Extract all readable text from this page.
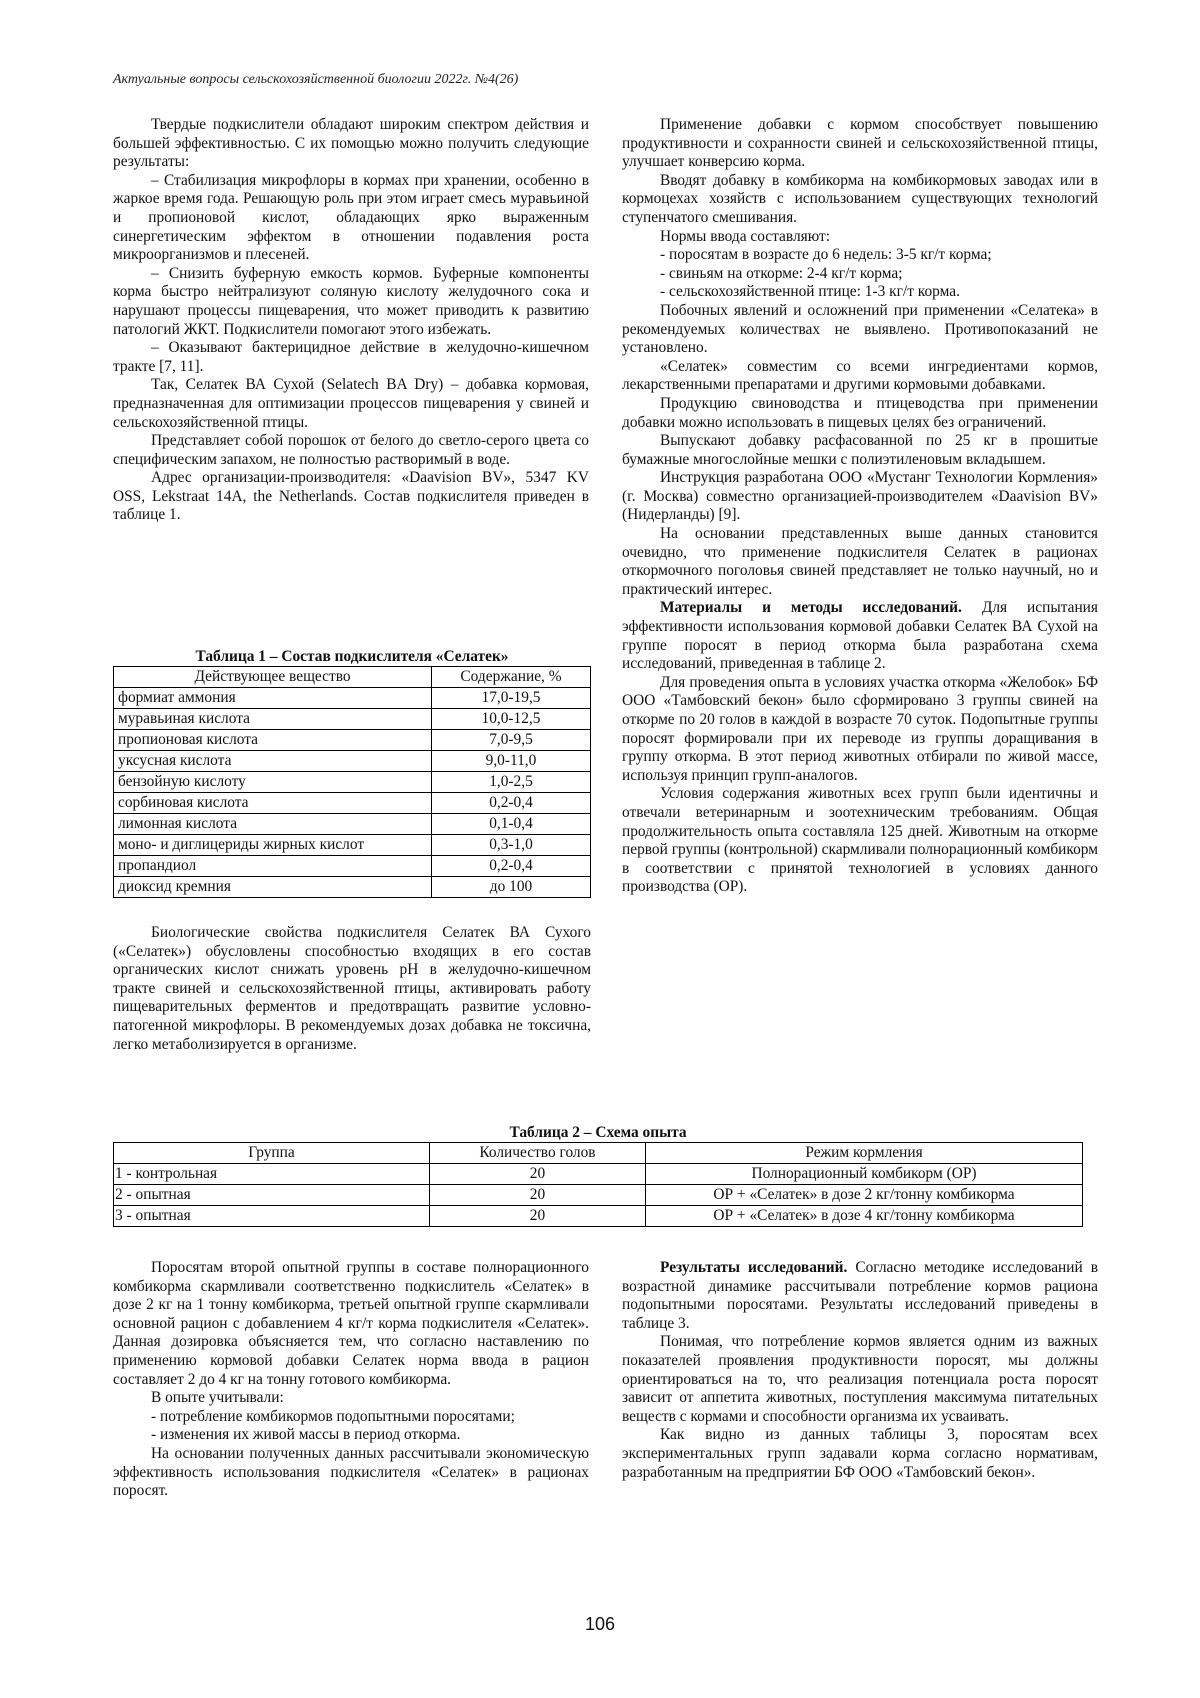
Актуальные вопросы сельскохозяйственной биологии 2022г. №4(26)

Твердые подкислители обладают широким спектром действия и большей эффективностью. С их помощью можно получить следующие результаты:

– Стабилизация микрофлоры в кормах при хранении, особенно в жаркое время года. Решающую роль при этом играет смесь муравьиной и пропионовой кислот, обладающих ярко выраженным синергетическим эффектом в отношении подавления роста микроорганизмов и плесеней.

– Снизить буферную емкость кормов. Буферные компоненты корма быстро нейтрализуют соляную кислоту желудочного сока и нарушают процессы пищеварения, что может приводить к развитию патологий ЖКТ. Подкислители помогают этого избежать.

– Оказывают бактерицидное действие в желудочно-кишечном тракте [7, 11].

Так, Селатек ВА Сухой (Selatech BA Dry) – добавка кормовая, предназначенная для оптимизации процессов пищеварения у свиней и сельскохозяйственной птицы.

Представляет собой порошок от белого до светло-серого цвета со специфическим запахом, не полностью растворимый в воде.

Адрес организации-производителя: «Daavision BV», 5347 KV OSS, Lekstraat 14A, the Netherlands. Состав подкислителя приведен в таблице 1.

Таблица 1 – Состав подкислителя «Селатек»
Действующее вещество	Содержание, %
формиат аммония	17,0-19,5
муравьиная кислота	10,0-12,5
пропионовая кислота	7,0-9,5
уксусная кислота	9,0-11,0
бензойную кислоту	1,0-2,5
сорбиновая кислота	0,2-0,4
лимонная кислота	0,1-0,4
моно- и диглицериды жирных кислот	0,3-1,0
пропандиол	0,2-0,4
диоксид кремния	до 100

Биологические свойства подкислителя Селатек ВА Сухого («Селатек») обусловлены способностью входящих в его состав органических кислот снижать уровень pH в желудочно-кишечном тракте свиней и сельскохозяйственной птицы, активировать работу пищеварительных ферментов и предотвращать развитие условно-патогенной микрофлоры. В рекомендуемых дозах добавка не токсична, легко метаболизируется в организме.

Применение добавки с кормом способствует повышению продуктивности и сохранности свиней и сельскохозяйственной птицы, улучшает конверсию корма.

Вводят добавку в комбикорма на комбикормовых заводах или в кормоцехах хозяйств с использованием существующих технологий ступенчатого смешивания.

Нормы ввода составляют:

- поросятам в возрасте до 6 недель: 3-5 кг/т корма;

- свиньям на откорме: 2-4 кг/т корма;

- сельскохозяйственной птице: 1-3 кг/т корма.

Побочных явлений и осложнений при применении «Селатека» в рекомендуемых количествах не выявлено. Противопоказаний не установлено.

«Селатек» совместим со всеми ингредиентами кормов, лекарственными препаратами и другими кормовыми добавками.

Продукцию свиноводства и птицеводства при применении добавки можно использовать в пищевых целях без ограничений.

Выпускают добавку расфасованной по 25 кг в прошитые бумажные многослойные мешки с полиэтиленовым вкладышем.

Инструкция разработана ООО «Мустанг Технологии Кормления» (г. Москва) совместно организацией-производителем «Daavision BV» (Нидерланды) [9].

На основании представленных выше данных становится очевидно, что применение подкислителя Селатек в рационах откормочного поголовья свиней представляет не только научный, но и практический интерес.

Материалы и методы исследований. Для испытания эффективности использования кормовой добавки Селатек ВА Сухой на группе поросят в период откорма была разработана схема исследований, приведенная в таблице 2.

Для проведения опыта в условиях участка откорма «Желобок» БФ ООО «Тамбовский бекон» было сформировано 3 группы свиней на откорме по 20 голов в каждой в возрасте 70 суток. Подопытные группы поросят формировали при их переводе из группы доращивания в группу откорма. В этот период животных отбирали по живой массе, используя принцип групп-аналогов.

Условия содержания животных всех групп были идентичны и отвечали ветеринарным и зоотехническим требованиям. Общая продолжительность опыта составляла 125 дней. Животным на откорме первой группы (контрольной) скармливали полнорационный комбикорм в соответствии с принятой технологией в условиях данного производства (ОР).

Таблица 2 – Схема опыта
Группа	Количество голов	Режим кормления
1 - контрольная	20	Полнорационный комбикорм (ОР)
2 - опытная	20	ОР + «Селатек» в дозе 2 кг/тонну комбикорма
3 - опытная	20	ОР + «Селатек» в дозе 4 кг/тонну комбикорма

Поросятам второй опытной группы в составе полнорационного комбикорма скармливали соответственно подкислитель «Селатек» в дозе 2 кг на 1 тонну комбикорма, третьей опытной группе скармливали основной рацион с добавлением 4 кг/т корма подкислителя «Селатек». Данная дозировка объясняется тем, что согласно наставлению по применению кормовой добавки Селатек норма ввода в рацион составляет 2 до 4 кг на тонну готового комбикорма.

В опыте учитывали:

- потребление комбикормов подопытными поросятами;

- изменения их живой массы в период откорма.

На основании полученных данных рассчитывали экономическую эффективность использования подкислителя «Селатек» в рационах поросят.

Результаты исследований. Согласно методике исследований в возрастной динамике рассчитывали потребление кормов рациона подопытными поросятами. Результаты исследований приведены в таблице 3.

Понимая, что потребление кормов является одним из важных показателей проявления продуктивности поросят, мы должны ориентироваться на то, что реализация потенциала роста поросят зависит от аппетита животных, поступления максимума питательных веществ с кормами и способности организма их усваивать.

Как видно из данных таблицы 3, поросятам всех экспериментальных групп задавали корма согласно нормативам, разработанным на предприятии БФ ООО «Тамбовский бекон».

106
